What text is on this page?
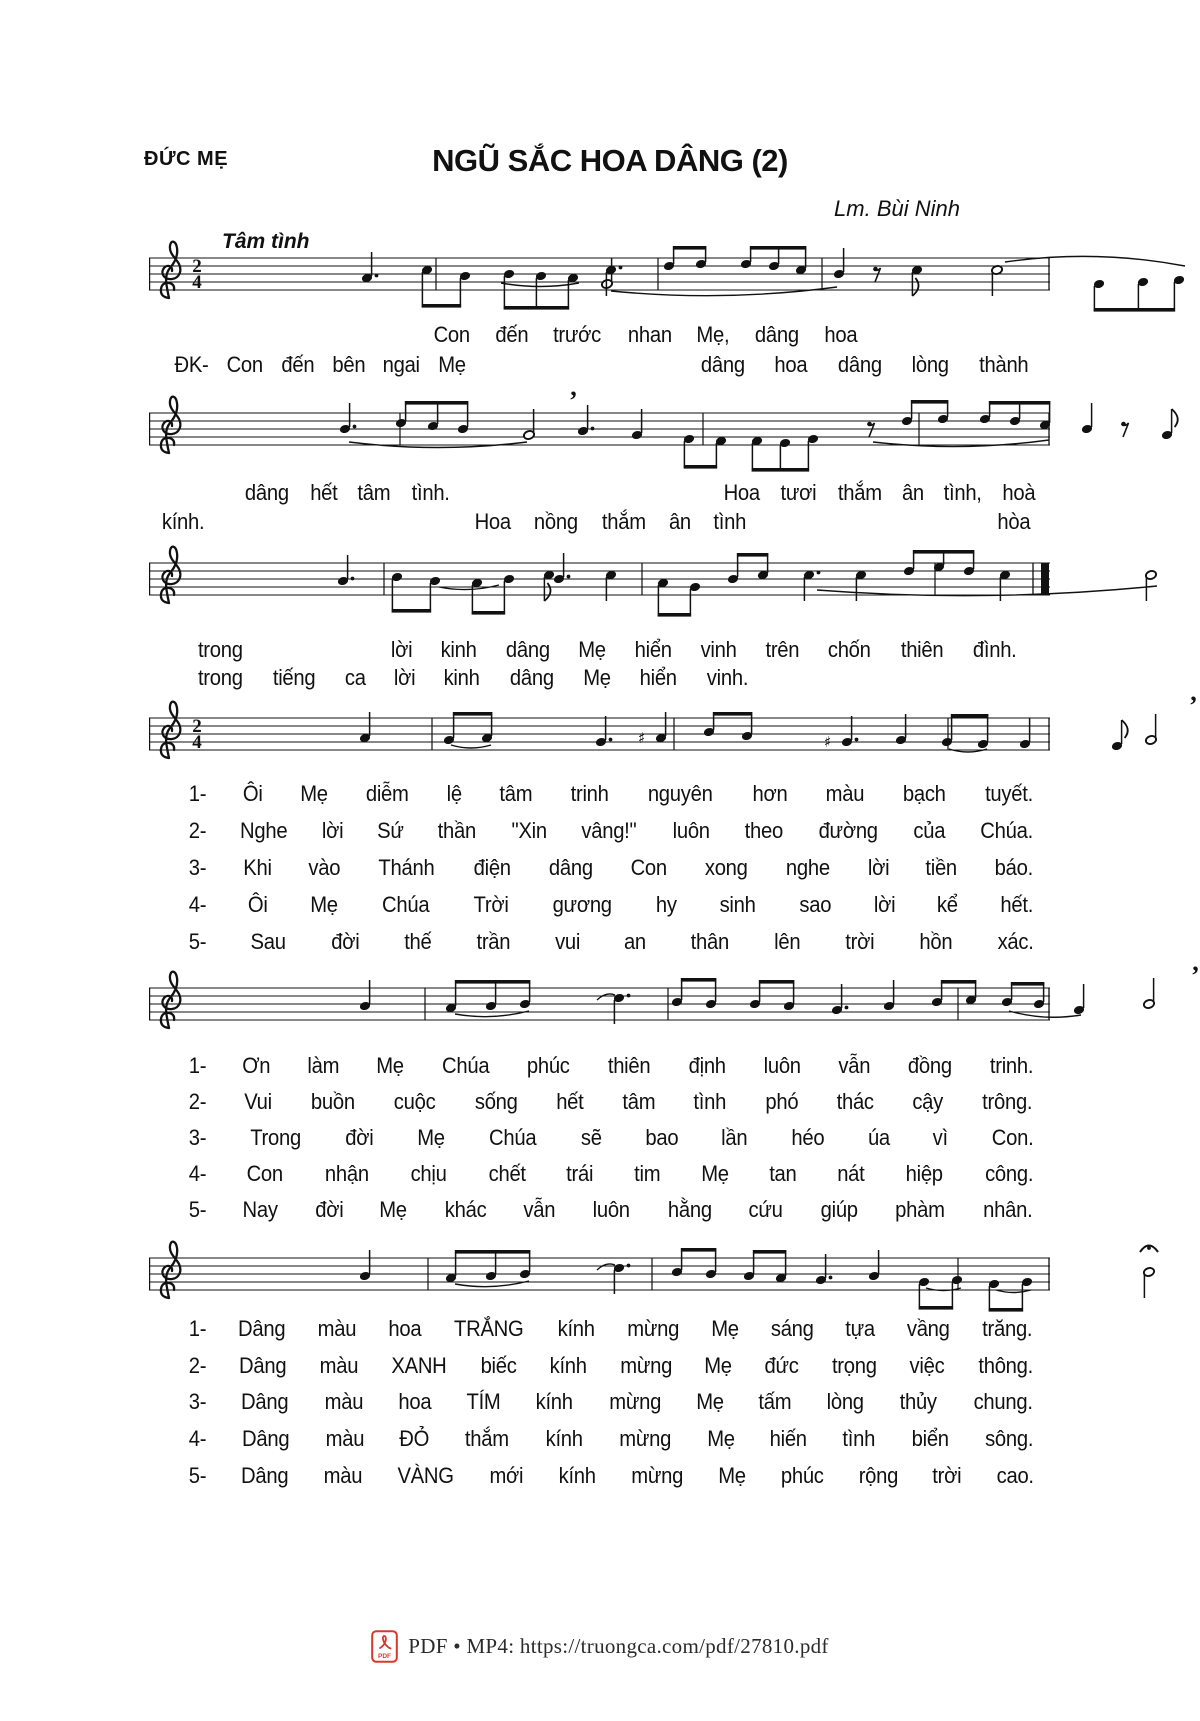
ĐỨC MẸ	NGŨ SẮC HOA DÂNG (2)
Lm. Bùi Ninh
Tâm tình
Con đến trước nhan Mẹ, dâng hoa
ĐK- Con đến bên ngai Mẹ	dâng hoa dâng lòng thành
dâng hết tâm tình.	Hoa tươi thắm ân tình, hoà
kính.	Hoa nồng thắm ân tình	hòa
trong	lời kinh dâng Mẹ hiển vinh trên chốn thiên đình.
trong tiếng ca lời kinh dâng Mẹ hiển vinh.
1- Ôi Mẹ diễm lệ tâm trinh nguyên hơn màu bạch tuyết.
2- Nghe lời Sứ thần "Xin vâng!" luôn theo đường của Chúa.
3- Khi vào Thánh điện dâng Con xong nghe lời tiền báo.
4- Ôi Mẹ Chúa Trời gương hy sinh sao lời kể hết.
5- Sau đời thế trần vui an thân lên trời hồn xác.
1- Ơn làm Mẹ Chúa phúc thiên định luôn vẫn đồng trinh.
2- Vui buồn cuộc sống hết tâm tình phó thác cậy trông.
3- Trong đời Mẹ Chúa sẽ bao lần héo úa vì Con.
4- Con nhận chịu chết trái tim Mẹ tan nát hiệp công.
5- Nay đời Mẹ khác vẫn luôn hằng cứu giúp phàm nhân.
1- Dâng màu hoa TRẮNG kính mừng Mẹ sáng tựa vầng trăng.
2- Dâng màu XANH biếc kính mừng Mẹ đức trọng việc thông.
3- Dâng màu hoa TÍM kính mừng Mẹ tấm lòng thủy chung.
4- Dâng màu ĐỎ thắm kính mừng Mẹ hiến tình biển sông.
5- Dâng màu VÀNG mới kính mừng Mẹ phúc rộng trời cao.
PDF PDF • MP4: https://truongca.com/pdf/27810.pdf
2
4
’
2
4	♯	♯
’
’
